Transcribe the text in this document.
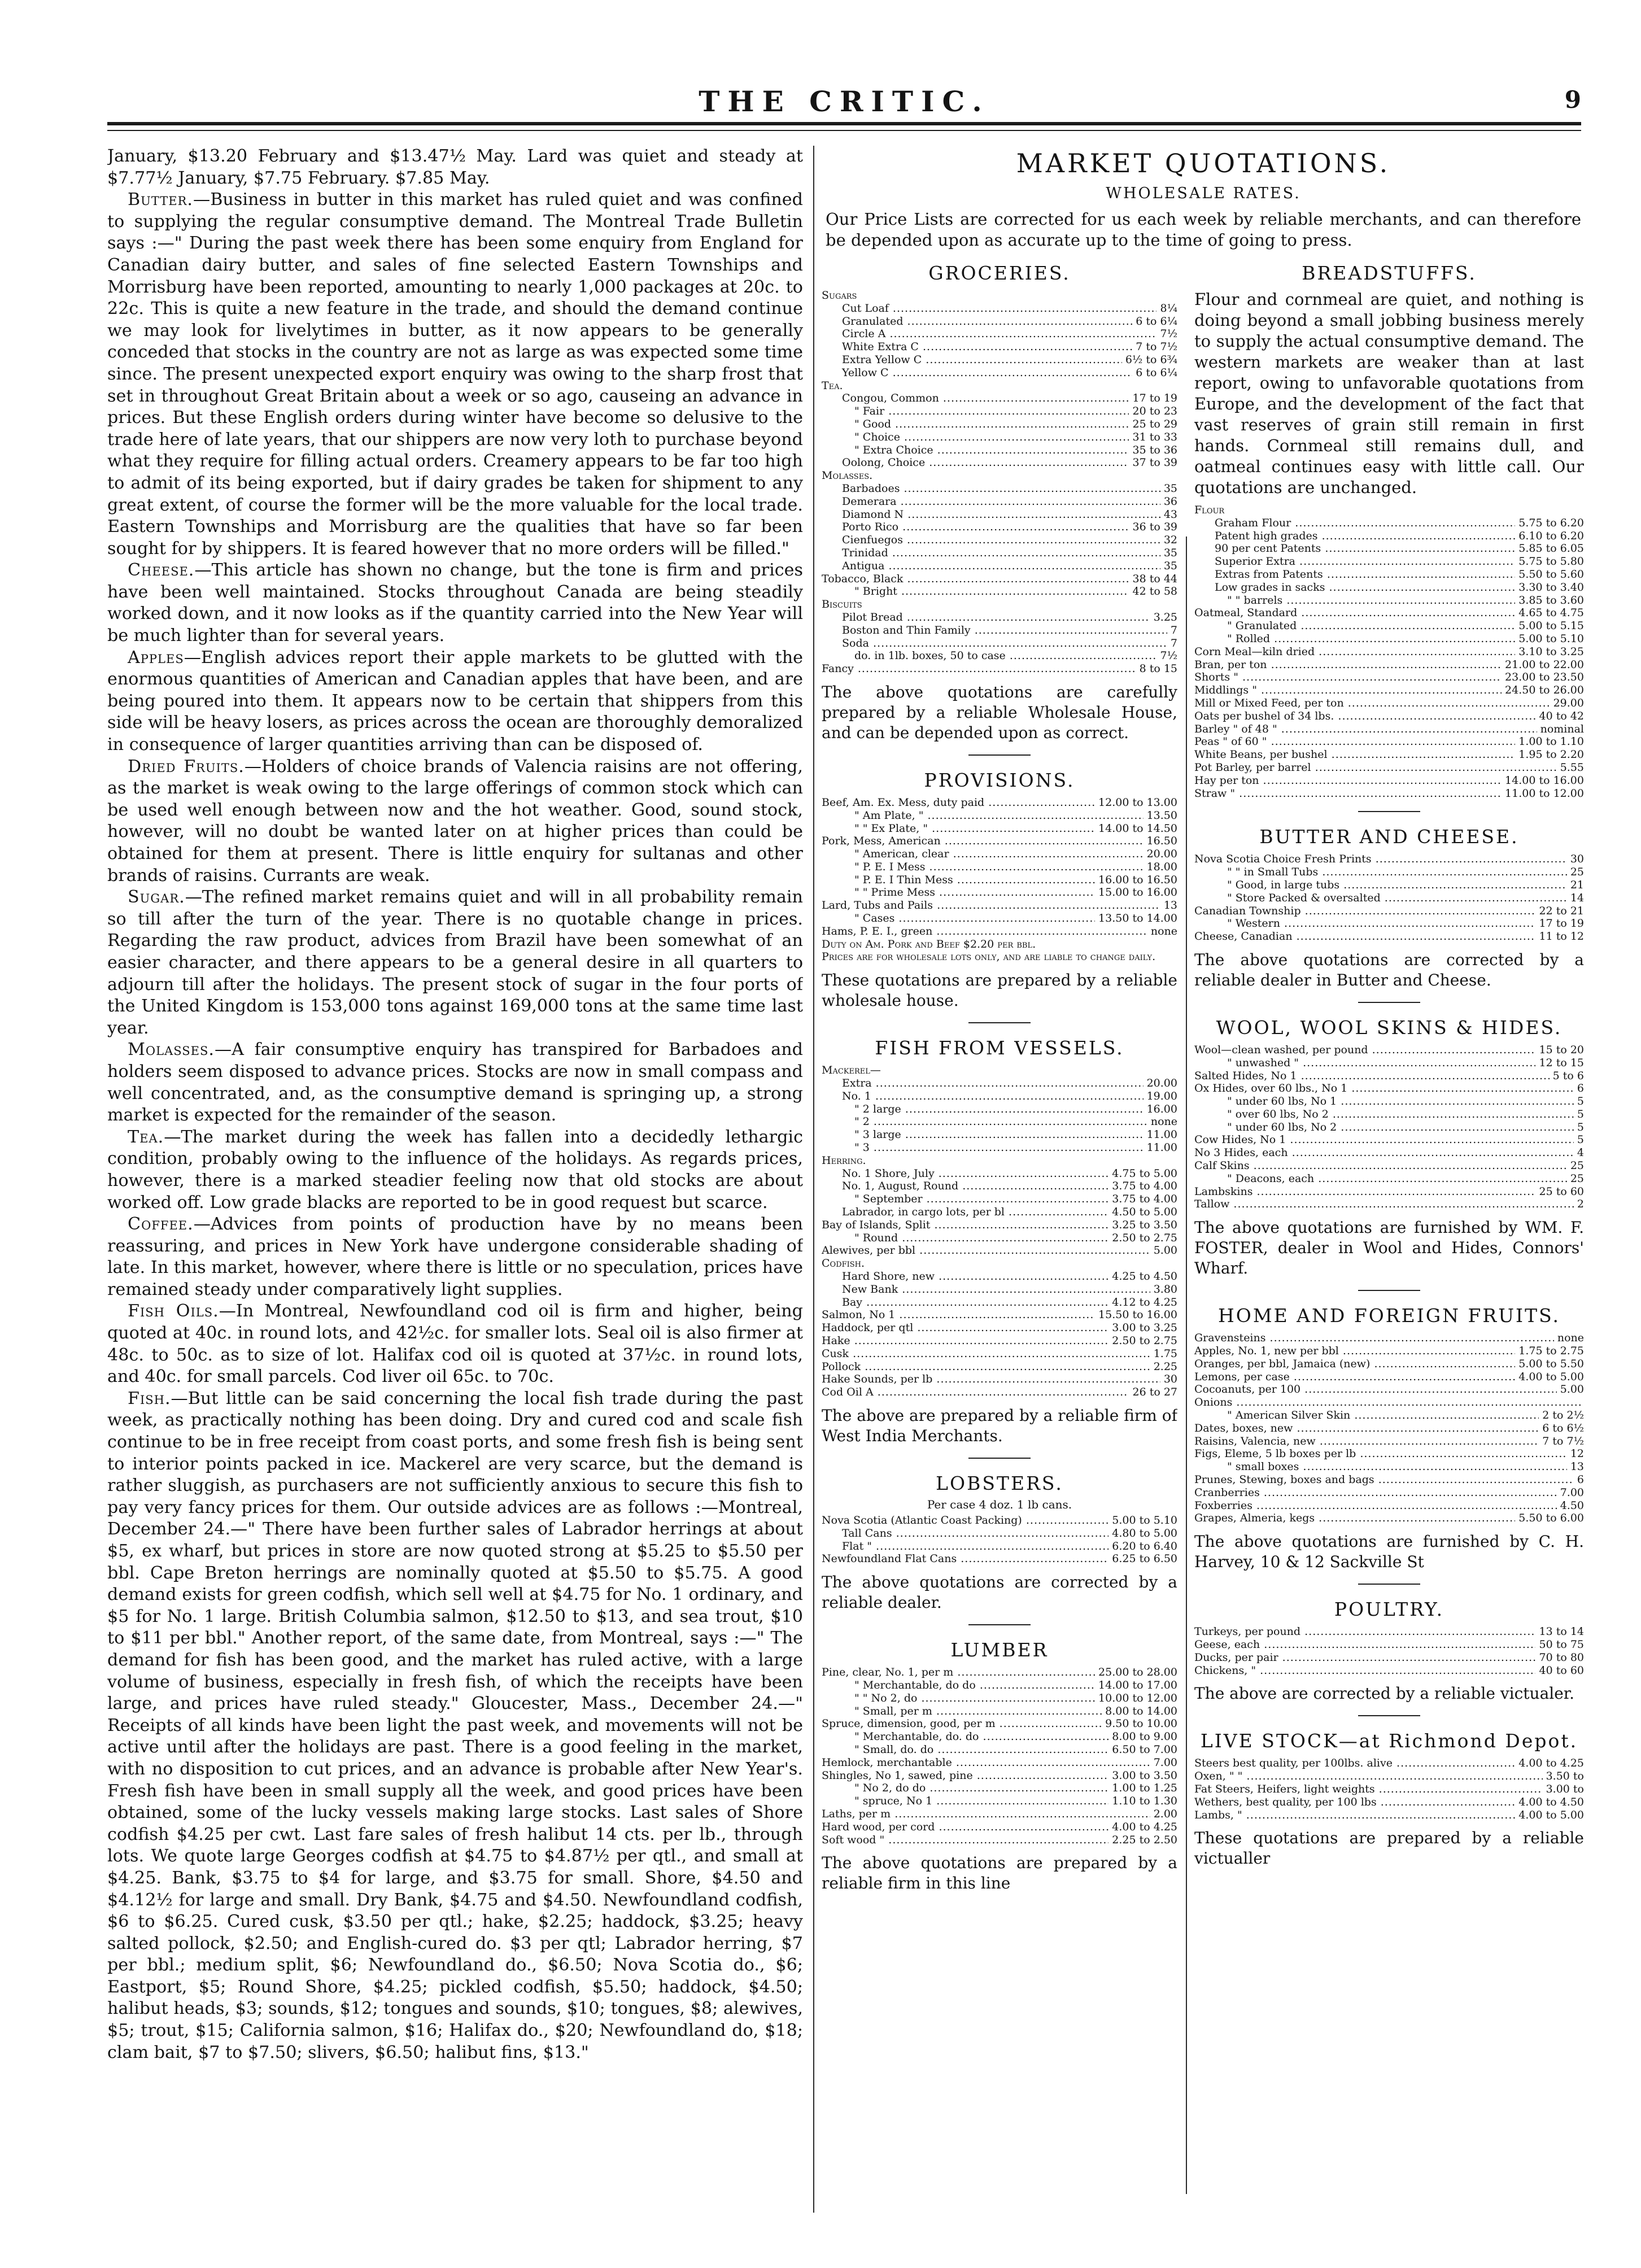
THE CRITIC.	9

January, $13.20 February and $13.47½ May. Lard was quiet and steady at $7.77½ January, $7.75 February. $7.85 May.

Butter.—Business in butter in this market has ruled quiet and was confined to supplying the regular consumptive demand. The Montreal Trade Bulletin says :—" During the past week there has been some enquiry from England for Canadian dairy butter, and sales of fine selected Eastern Townships and Morrisburg have been reported, amounting to nearly 1,000 packages at 20c. to 22c. This is quite a new feature in the trade, and should the demand continue we may look for livelytimes in butter, as it now appears to be generally conceded that stocks in the country are not as large as was expected some time since. The present unexpected export enquiry was owing to the sharp frost that set in throughout Great Britain about a week or so ago, causeing an advance in prices. But these English orders during winter have become so delusive to the trade here of late years, that our shippers are now very loth to purchase beyond what they require for filling actual orders. Creamery appears to be far too high to admit of its being exported, but if dairy grades be taken for shipment to any great extent, of course the former will be the more valuable for the local trade. Eastern Townships and Morrisburg are the qualities that have so far been sought for by shippers. It is feared however that no more orders will be filled."

Cheese.—This article has shown no change, but the tone is firm and prices have been well maintained. Stocks throughout Canada are being steadily worked down, and it now looks as if the quantity carried into the New Year will be much lighter than for several years.

Apples—English advices report their apple markets to be glutted with the enormous quantities of American and Canadian apples that have been, and are being poured into them. It appears now to be certain that shippers from this side will be heavy losers, as prices across the ocean are thoroughly demoralized in consequence of larger quantities arriving than can be disposed of.

Dried Fruits.—Holders of choice brands of Valencia raisins are not offering, as the market is weak owing to the large offerings of common stock which can be used well enough between now and the hot weather. Good, sound stock, however, will no doubt be wanted later on at higher prices than could be obtained for them at present. There is little enquiry for sultanas and other brands of raisins. Currants are weak.

Sugar.—The refined market remains quiet and will in all probability remain so till after the turn of the year. There is no quotable change in prices. Regarding the raw product, advices from Brazil have been somewhat of an easier character, and there appears to be a general desire in all quarters to adjourn till after the holidays. The present stock of sugar in the four ports of the United Kingdom is 153,000 tons against 169,000 tons at the same time last year.

Molasses.—A fair consumptive enquiry has transpired for Barbadoes and holders seem disposed to advance prices. Stocks are now in small compass and well concentrated, and, as the consumptive demand is springing up, a strong market is expected for the remainder of the season.

Tea.—The market during the week has fallen into a decidedly lethargic condition, probably owing to the influence of the holidays. As regards prices, however, there is a marked steadier feeling now that old stocks are about worked off. Low grade blacks are reported to be in good request but scarce.

Coffee.—Advices from points of production have by no means been reassuring, and prices in New York have undergone considerable shading of late. In this market, however, where there is little or no speculation, prices have remained steady under comparatively light supplies.

Fish Oils.—In Montreal, Newfoundland cod oil is firm and higher, being quoted at 40c. in round lots, and 42½c. for smaller lots. Seal oil is also firmer at 48c. to 50c. as to size of lot. Halifax cod oil is quoted at 37½c. in round lots, and 40c. for small parcels. Cod liver oil 65c. to 70c.

Fish.—But little can be said concerning the local fish trade during the past week, as practically nothing has been doing. Dry and cured cod and scale fish continue to be in free receipt from coast ports, and some fresh fish is being sent to interior points packed in ice. Mackerel are very scarce, but the demand is rather sluggish, as purchasers are not sufficiently anxious to secure this fish to pay very fancy prices for them. Our outside advices are as follows :—Montreal, December 24.—" There have been further sales of Labrador herrings at about $5, ex wharf, but prices in store are now quoted strong at $5.25 to $5.50 per bbl. Cape Breton herrings are nominally quoted at $5.50 to $5.75. A good demand exists for green codfish, which sell well at $4.75 for No. 1 ordinary, and $5 for No. 1 large. British Columbia salmon, $12.50 to $13, and sea trout, $10 to $11 per bbl." Another report, of the same date, from Montreal, says :—" The demand for fish has been good, and the market has ruled active, with a large volume of business, especially in fresh fish, of which the receipts have been large, and prices have ruled steady." Gloucester, Mass., December 24.—" Receipts of all kinds have been light the past week, and movements will not be active until after the holidays are past. There is a good feeling in the market, with no disposition to cut prices, and an advance is probable after New Year's. Fresh fish have been in small supply all the week, and good prices have been obtained, some of the lucky vessels making large stocks. Last sales of Shore codfish $4.25 per cwt. Last fare sales of fresh halibut 14 cts. per lb., through lots. We quote large Georges codfish at $4.75 to $4.87½ per qtl., and small at $4.25. Bank, $3.75 to $4 for large, and $3.75 for small. Shore, $4.50 and $4.12½ for large and small. Dry Bank, $4.75 and $4.50. Newfoundland codfish, $6 to $6.25. Cured cusk, $3.50 per qtl.; hake, $2.25; haddock, $3.25; heavy salted pollock, $2.50; and English-cured do. $3 per qtl; Labrador herring, $7 per bbl.; medium split, $6; Newfoundland do., $6.50; Nova Scotia do., $6; Eastport, $5; Round Shore, $4.25; pickled codfish, $5.50; haddock, $4.50; halibut heads, $3; sounds, $12; tongues and sounds, $10; tongues, $8; alewives, $5; trout, $15; California salmon, $16; Halifax do., $20; Newfoundland do, $18; clam bait, $7 to $7.50; slivers, $6.50; halibut fins, $13."

MARKET QUOTATIONS.
WHOLESALE RATES.
Our Price Lists are corrected for us each week by reliable merchants, and can therefore be depended upon as accurate up to the time of going to press.
GROCERIES.
Sugars
Cut Loaf .....	8¼
Granulated .....	6 to 6¼
Circle A .....	7½
White Extra C .....	7 to 7½
Extra Yellow C .....	6½ to 6¾
Yellow C .....	6 to 6¼
Tea.
Congou, Common .....	17 to 19
" Fair .....	20 to 23
" Good .....	25 to 29
" Choice .....	31 to 33
" Extra Choice .....	35 to 36
Oolong, Choice .....	37 to 39
Molasses.
Barbadoes .....	35
Demerara .....	36
Diamond N .....	43
Porto Rico .....	36 to 39
Cienfuegos .....	32
Trinidad .....	35
Antigua .....	35
Tobacco, Black .....	38 to 44
" Bright .....	42 to 58
Biscuits
Pilot Bread .....	3.25
Boston and Thin Family .....	7
Soda .....	7
do. in 1lb. boxes, 50 to case .....	7½
Fancy .....	8 to 15
The above quotations are carefully prepared by a reliable Wholesale House, and can be depended upon as correct.
PROVISIONS.
Beef, Am. Ex. Mess, duty paid .....	12.00 to 13.00
" Am Plate, " .....	13.50
" " Ex Plate, " .....	14.00 to 14.50
Pork, Mess, American .....	16.50
" American, clear .....	20.00
" P. E. I Mess .....	18.00
" P. E. I Thin Mess .....	16.00 to 16.50
" " Prime Mess .....	15.00 to 16.00
Lard, Tubs and Pails .....	13
" Cases .....	13.50 to 14.00
Hams, P. E. I., green .....	none
Duty on Am. Pork and Beef $2.20 per bbl.
Prices are for wholesale lots only, and are liable to change daily.
These quotations are prepared by a reliable wholesale house.
FISH FROM VESSELS.
Mackerel—
Extra .....	20.00
No. 1 .....	19.00
" 2 large .....	16.00
" 2 .....	none
" 3 large .....	11.00
" 3 .....	11.00
Herring.
No. 1 Shore, July .....	4.75 to 5.00
No. 1, August, Round .....	3.75 to 4.00
" September .....	3.75 to 4.00
Labrador, in cargo lots, per bl .....	4.50 to 5.00
Bay of Islands, Split .....	3.25 to 3.50
" Round .....	2.50 to 2.75
Alewives, per bbl .....	5.00
Codfish.
Hard Shore, new .....	4.25 to 4.50
New Bank .....	3.80
Bay .....	4.12 to 4.25
Salmon, No 1 .....	15.50 to 16.00
Haddock, per qtl .....	3.00 to 3.25
Hake .....	2.50 to 2.75
Cusk .....	1.75
Pollock .....	2.25
Hake Sounds, per lb .....	30
Cod Oil A .....	26 to 27
The above are prepared by a reliable firm of West India Merchants.
LOBSTERS.
Per case 4 doz. 1 lb cans.
Nova Scotia (Atlantic Coast Packing) .....	5.00 to 5.10
Tall Cans .....	4.80 to 5.00
Flat " .....	6.20 to 6.40
Newfoundland Flat Cans .....	6.25 to 6.50
The above quotations are corrected by a reliable dealer.
LUMBER
Pine, clear, No. 1, per m .....	25.00 to 28.00
" Merchantable, do do .....	14.00 to 17.00
" " No 2, do .....	10.00 to 12.00
" Small, per m .....	8.00 to 14.00
Spruce, dimension, good, per m .....	9.50 to 10.00
" Merchantable, do. do .....	8.00 to 9.00
" Small, do. do .....	6.50 to 7.00
Hemlock, merchantable .....	7.00
Shingles, No 1, sawed, pine .....	3.00 to 3.50
" No 2, do do .....	1.00 to 1.25
" spruce, No 1 .....	1.10 to 1.30
Laths, per m .....	2.00
Hard wood, per cord .....	4.00 to 4.25
Soft wood " .....	2.25 to 2.50
The above quotations are prepared by a reliable firm in this line
BREADSTUFFS.
Flour and cornmeal are quiet, and nothing is doing beyond a small jobbing business merely to supply the actual consumptive demand. The western markets are weaker than at last report, owing to unfavorable quotations from Europe, and the development of the fact that vast reserves of grain still remain in first hands. Cornmeal still remains dull, and oatmeal continues easy with little call. Our quotations are unchanged.
Flour
Graham Flour .....	5.75 to 6.20
Patent high grades .....	6.10 to 6.20
90 per cent Patents .....	5.85 to 6.05
Superior Extra .....	5.75 to 5.80
Extras from Patents .....	5.50 to 5.60
Low grades in sacks .....	3.30 to 3.40
" " barrels .....	3.85 to 3.60
Oatmeal, Standard .....	4.65 to 4.75
" Granulated .....	5.00 to 5.15
" Rolled .....	5.00 to 5.10
Corn Meal—kiln dried .....	3.10 to 3.25
Bran, per ton .....	21.00 to 22.00
Shorts " .....	23.00 to 23.50
Middlings " .....	24.50 to 26.00
Mill or Mixed Feed, per ton .....	29.00
Oats per bushel of 34 lbs. .....	40 to 42
Barley " of 48 " .....	nominal
Peas " of 60 " .....	1.00 to 1.10
White Beans, per bushel .....	1.95 to 2.20
Pot Barley, per barrel .....	5.55
Hay per ton .....	14.00 to 16.00
Straw " .....	11.00 to 12.00
BUTTER AND CHEESE.
Nova Scotia Choice Fresh Prints .....	30
" " in Small Tubs .....	25
" Good, in large tubs .....	21
" Store Packed & oversalted .....	14
Canadian Township .....	22 to 21
" Western .....	17 to 19
Cheese, Canadian .....	11 to 12
The above quotations are corrected by a reliable dealer in Butter and Cheese.
WOOL, WOOL SKINS & HIDES.
Wool—clean washed, per pound .....	15 to 20
" unwashed " .....	12 to 15
Salted Hides, No 1 .....	5 to 6
Ox Hides, over 60 lbs., No 1 .....	6
" under 60 lbs, No 1 .....	5
" over 60 lbs, No 2 .....	5
" under 60 lbs, No 2 .....	5
Cow Hides, No 1 .....	5
No 3 Hides, each .....	4
Calf Skins .....	25
" Deacons, each .....	25
Lambskins .....	25 to 60
Tallow .....	2
The above quotations are furnished by WM. F. FOSTER, dealer in Wool and Hides, Connors' Wharf.
HOME AND FOREIGN FRUITS.
Gravensteins .....	none
Apples, No. 1, new per bbl .....	1.75 to 2.75
Oranges, per bbl, Jamaica (new) .....	5.00 to 5.50
Lemons, per case .....	4.00 to 5.00
Cocoanuts, per 100 .....	5.00
Onions .....
" American Silver Skin .....	2 to 2½
Dates, boxes, new .....	6 to 6½
Raisins, Valencia, new .....	7 to 7½
Figs, Eleme, 5 lb boxes per lb .....	12
" small boxes .....	13
Prunes, Stewing, boxes and bags .....	6
Cranberries .....	7.00
Foxberries .....	4.50
Grapes, Almeria, kegs .....	5.50 to 6.00
The above quotations are furnished by C. H. Harvey, 10 & 12 Sackville St
POULTRY.
Turkeys, per pound .....	13 to 14
Geese, each .....	50 to 75
Ducks, per pair .....	70 to 80
Chickens, " .....	40 to 60
The above are corrected by a reliable victualer.
LIVE STOCK—at Richmond Depot.
Steers best quality, per 100lbs. alive .....	4.00 to 4.25
Oxen, " " .....	3.50 to
Fat Steers, Heifers, light weights .....	3.00 to
Wethers, best quality, per 100 lbs .....	4.00 to 4.50
Lambs, " .....	4.00 to 5.00
These quotations are prepared by a reliable victualler
